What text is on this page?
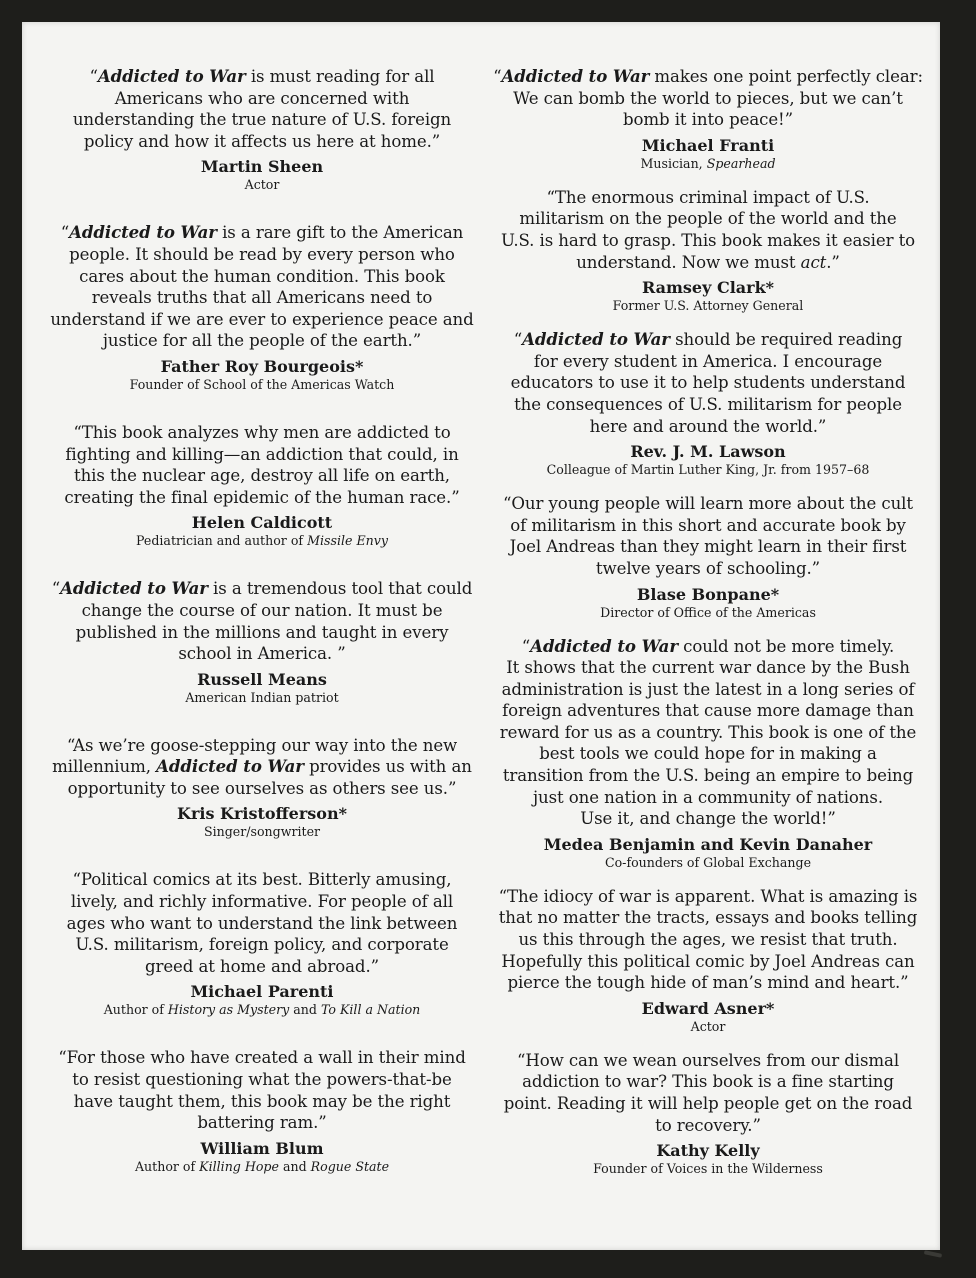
“Addicted to War is must reading for all
Americans who are concerned with
understanding the true nature of U.S. foreign
policy and how it affects us here at home.”

Martin Sheen
Actor

“Addicted to War is a rare gift to the American
people. It should be read by every person who
cares about the human condition. This book
reveals truths that all Americans need to
understand if we are ever to experience peace and
justice for all the people of the earth.”

Father Roy Bourgeois*
Founder of School of the Americas Watch

“This book analyzes why men are addicted to
fighting and killing—an addiction that could, in
this the nuclear age, destroy all life on earth,
creating the final epidemic of the human race.”

Helen Caldicott
Pediatrician and author of Missile Envy

“Addicted to War is a tremendous tool that could
change the course of our nation. It must be
published in the millions and taught in every
school in America. ”

Russell Means
American Indian patriot

“As we’re goose-stepping our way into the new
millennium, Addicted to War provides us with an
opportunity to see ourselves as others see us.”

Kris Kristofferson*
Singer/songwriter

“Political comics at its best. Bitterly amusing,
lively, and richly informative. For people of all
ages who want to understand the link between
U.S. militarism, foreign policy, and corporate
greed at home and abroad.”

Michael Parenti
Author of History as Mystery and To Kill a Nation

“For those who have created a wall in their mind
to resist questioning what the powers-that-be
have taught them, this book may be the right
battering ram.”

William Blum
Author of Killing Hope and Rogue State

“Addicted to War makes one point perfectly clear:
We can bomb the world to pieces, but we can’t
bomb it into peace!”

Michael Franti
Musician, Spearhead

“The enormous criminal impact of U.S.
militarism on the people of the world and the
U.S. is hard to grasp. This book makes it easier to
understand. Now we must act.”

Ramsey Clark*
Former U.S. Attorney General

“Addicted to War should be required reading
for every student in America. I encourage
educators to use it to help students understand
the consequences of U.S. militarism for people
here and around the world.”

Rev. J. M. Lawson
Colleague of Martin Luther King, Jr. from 1957–68

“Our young people will learn more about the cult
of militarism in this short and accurate book by
Joel Andreas than they might learn in their first
twelve years of schooling.”

Blase Bonpane*
Director of Office of the Americas

“Addicted to War could not be more timely.
It shows that the current war dance by the Bush
administration is just the latest in a long series of
foreign adventures that cause more damage than
reward for us as a country. This book is one of the
best tools we could hope for in making a
transition from the U.S. being an empire to being
just one nation in a community of nations.
Use it, and change the world!”

Medea Benjamin and Kevin Danaher
Co-founders of Global Exchange

“The idiocy of war is apparent. What is amazing is
that no matter the tracts, essays and books telling
us this through the ages, we resist that truth.
Hopefully this political comic by Joel Andreas can
pierce the tough hide of man’s mind and heart.”

Edward Asner*
Actor

“How can we wean ourselves from our dismal
addiction to war? This book is a fine starting
point. Reading it will help people get on the road
to recovery.”

Kathy Kelly
Founder of Voices in the Wilderness
